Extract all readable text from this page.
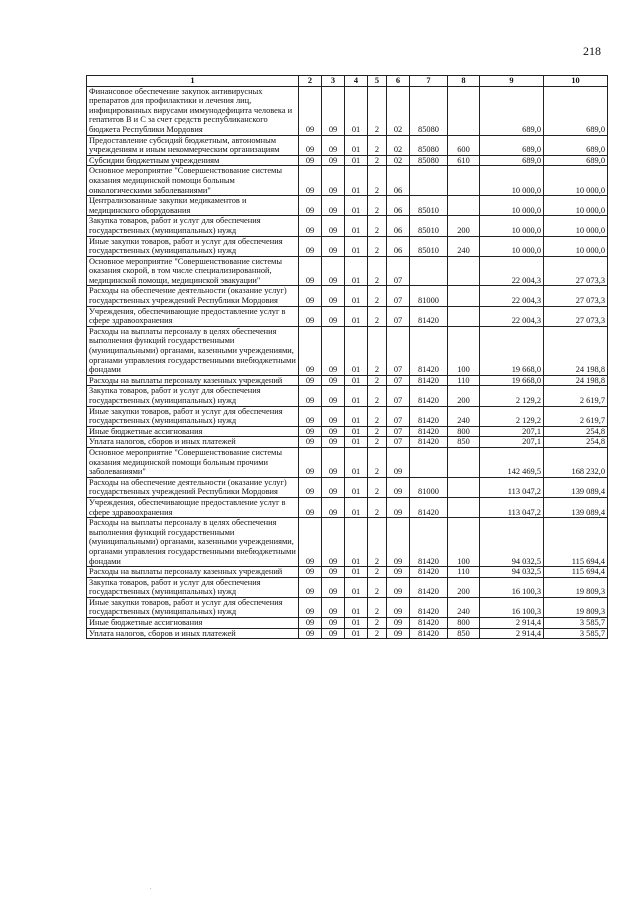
218
1	2	3	4	5	6	7	8	9	10
Финансовое обеспечение закупок антивирусных препаратов для профилактики и лечения лиц, инфицированных вирусами иммунодефицита человека и гепатитов В и С за счет средств республиканского бюджета Республики Мордовия	09	09	01	2	02	85080		689,0	689,0
Предоставление субсидий бюджетным, автономным учреждениям и иным некоммерческим организациям	09	09	01	2	02	85080	600	689,0	689,0
Субсидии бюджетным учреждениям	09	09	01	2	02	85080	610	689,0	689,0
Основное мероприятие "Совершенствование системы оказания медицинской помощи больным онкологическими заболеваниями"	09	09	01	2	06			10 000,0	10 000,0
Централизованные закупки медикаментов и медицинского оборудования	09	09	01	2	06	85010		10 000,0	10 000,0
Закупка товаров, работ и услуг для обеспечения государственных (муниципальных) нужд	09	09	01	2	06	85010	200	10 000,0	10 000,0
Иные закупки товаров, работ и услуг для обеспечения государственных (муниципальных) нужд	09	09	01	2	06	85010	240	10 000,0	10 000,0
Основное мероприятие "Совершенствование системы оказания скорой, в том числе специализированной, медицинской помощи, медицинской эвакуации"	09	09	01	2	07			22 004,3	27 073,3
Расходы на обеспечение деятельности (оказание услуг) государственных учреждений Республики Мордовия	09	09	01	2	07	81000		22 004,3	27 073,3
Учреждения, обеспечивающие предоставление услуг в сфере здравоохранения	09	09	01	2	07	81420		22 004,3	27 073,3
Расходы на выплаты персоналу в целях обеспечения выполнения функций государственными (муниципальными) органами, казенными учреждениями, органами управления государственными внебюджетными фондами	09	09	01	2	07	81420	100	19 668,0	24 198,8
Расходы на выплаты персоналу казенных учреждений	09	09	01	2	07	81420	110	19 668,0	24 198,8
Закупка товаров, работ и услуг для обеспечения государственных (муниципальных) нужд	09	09	01	2	07	81420	200	2 129,2	2 619,7
Иные закупки товаров, работ и услуг для обеспечения государственных (муниципальных) нужд	09	09	01	2	07	81420	240	2 129,2	2 619,7
Иные бюджетные ассигнования	09	09	01	2	07	81420	800	207,1	254,8
Уплата налогов, сборов и иных платежей	09	09	01	2	07	81420	850	207,1	254,8
Основное мероприятие "Совершенствование системы оказания медицинской помощи больным прочими заболеваниями"	09	09	01	2	09			142 469,5	168 232,0
Расходы на обеспечение деятельности (оказание услуг) государственных учреждений Республики Мордовия	09	09	01	2	09	81000		113 047,2	139 089,4
Учреждения, обеспечивающие предоставление услуг в сфере здравоохранения	09	09	01	2	09	81420		113 047,2	139 089,4
Расходы на выплаты персоналу в целях обеспечения выполнения функций государственными (муниципальными) органами, казенными учреждениями, органами управления государственными внебюджетными фондами	09	09	01	2	09	81420	100	94 032,5	115 694,4
Расходы на выплаты персоналу казенных учреждений	09	09	01	2	09	81420	110	94 032,5	115 694,4
Закупка товаров, работ и услуг для обеспечения государственных (муниципальных) нужд	09	09	01	2	09	81420	200	16 100,3	19 809,3
Иные закупки товаров, работ и услуг для обеспечения государственных (муниципальных) нужд	09	09	01	2	09	81420	240	16 100,3	19 809,3
Иные бюджетные ассигнования	09	09	01	2	09	81420	800	2 914,4	3 585,7
Уплата налогов, сборов и иных платежей	09	09	01	2	09	81420	850	2 914,4	3 585,7
.
